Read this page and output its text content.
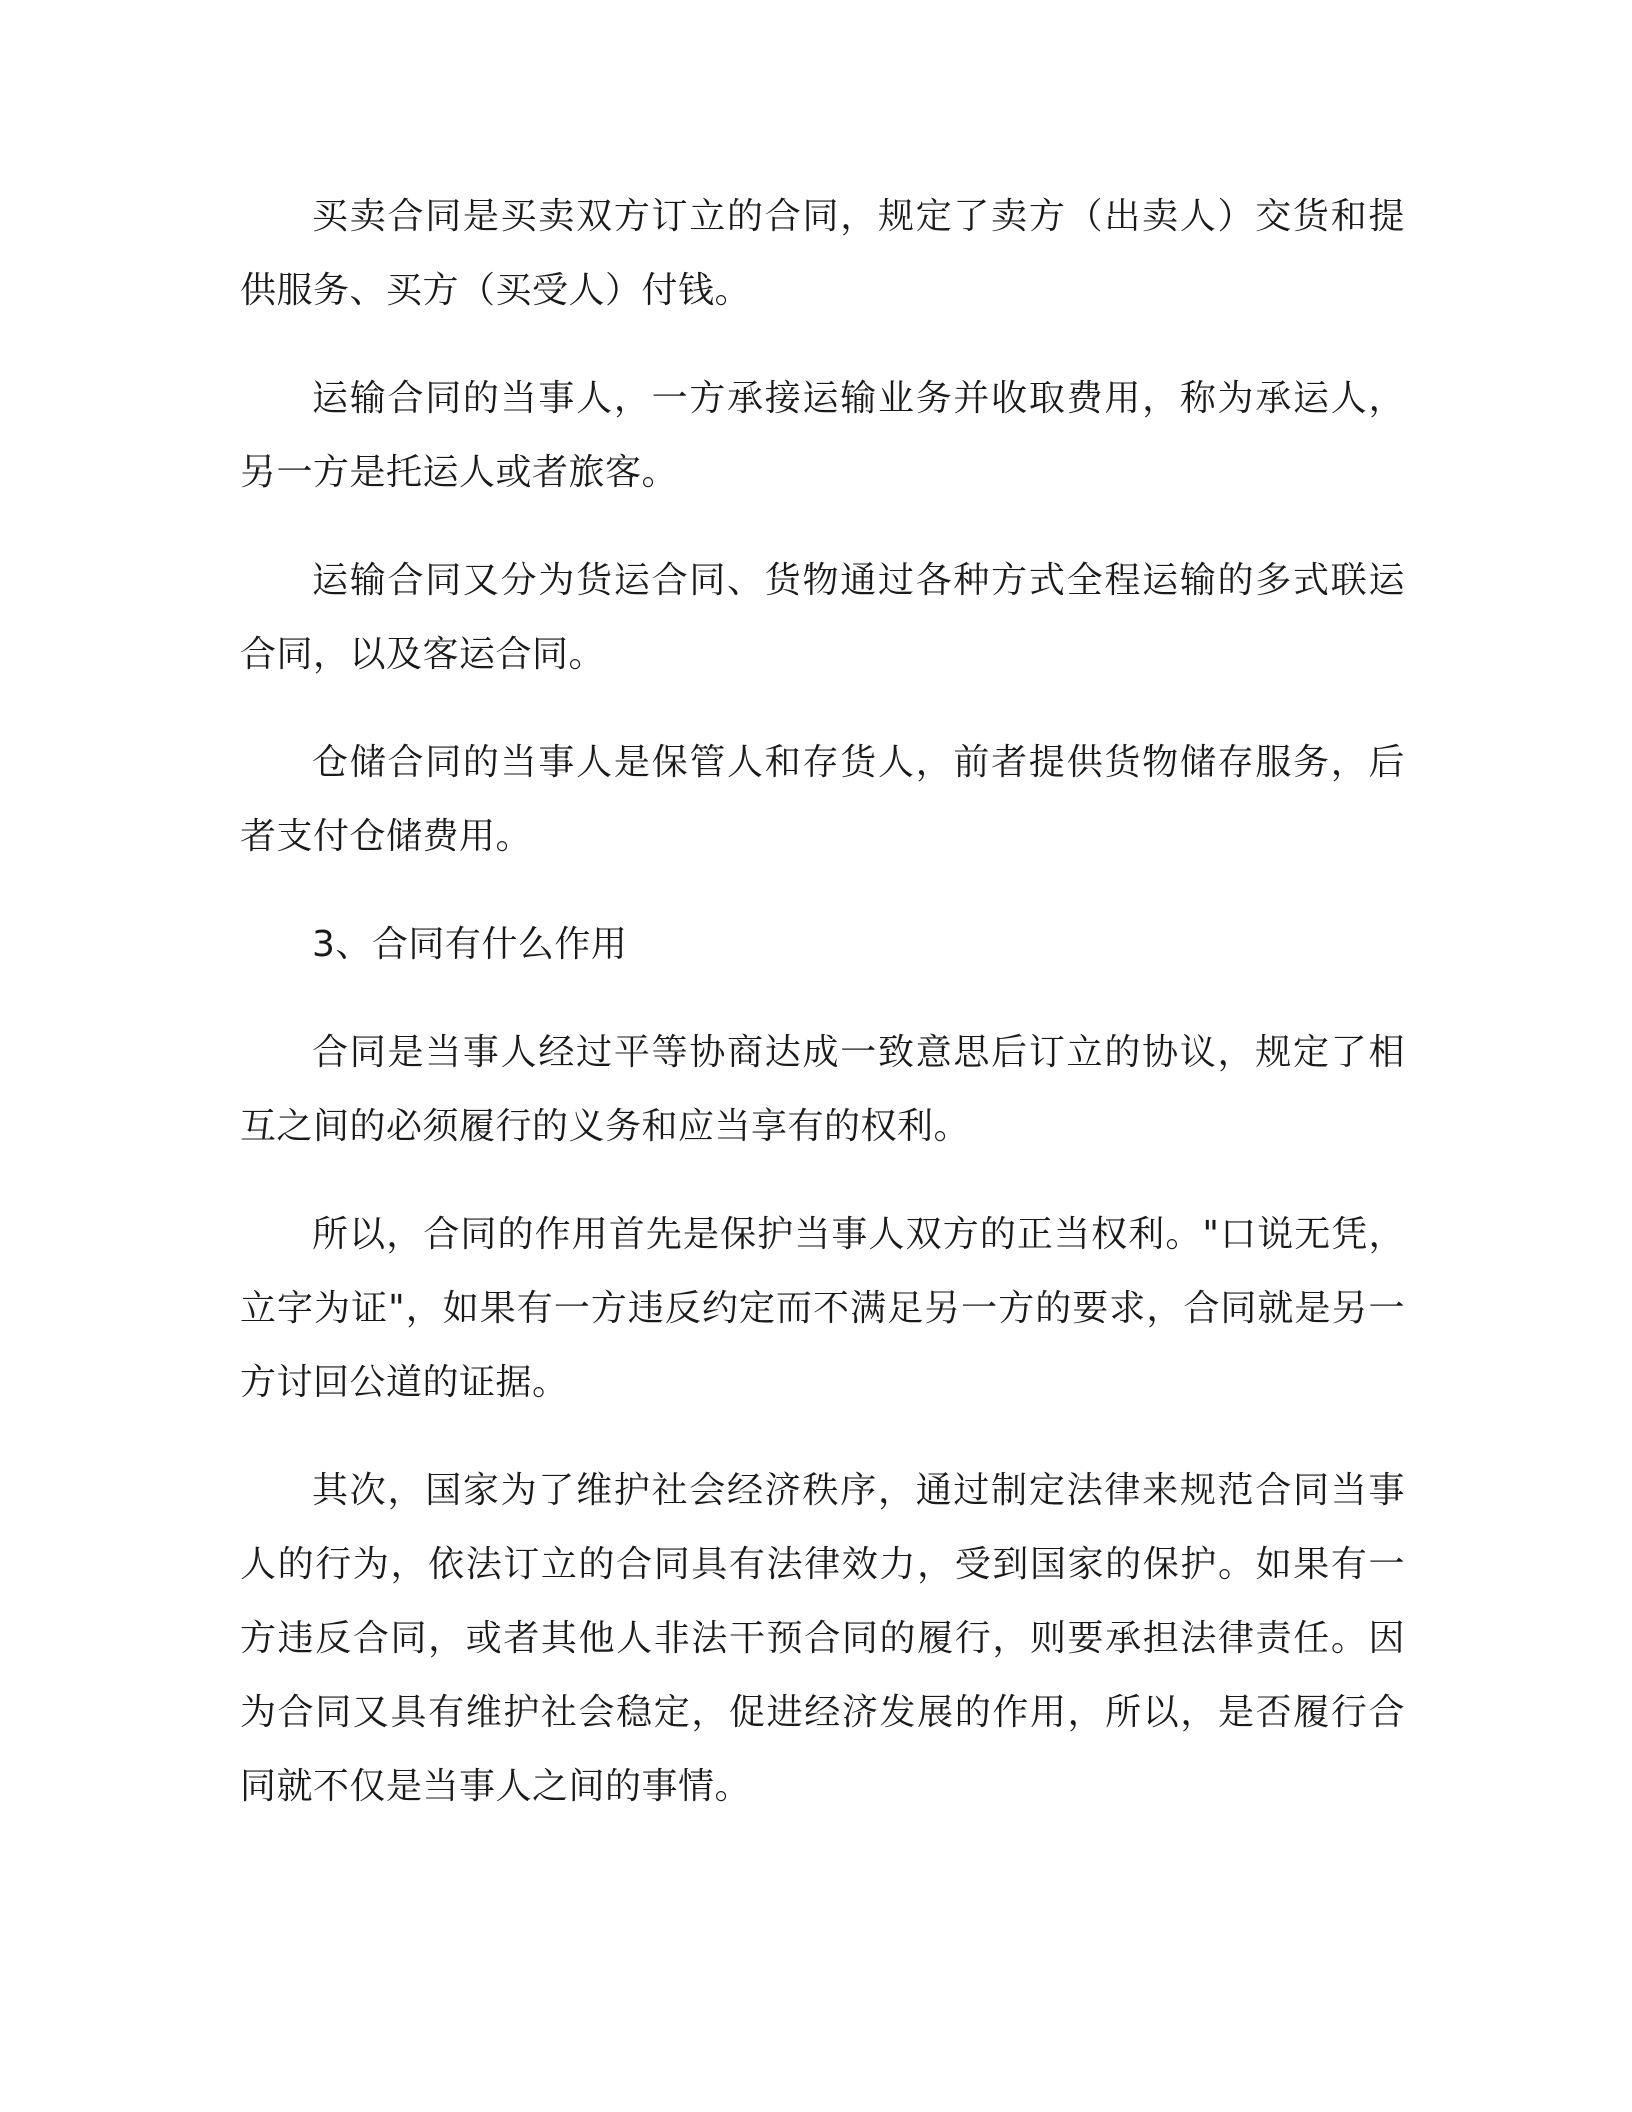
买卖合同是买卖双方订立的合同，规定了卖方（出卖人）交货和提供服务、买方（买受人）付钱。

运输合同的当事人，一方承接运输业务并收取费用，称为承运人，另一方是托运人或者旅客。

运输合同又分为货运合同、货物通过各种方式全程运输的多式联运合同，以及客运合同。

仓储合同的当事人是保管人和存货人，前者提供货物储存服务，后者支付仓储费用。

3、合同有什么作用

合同是当事人经过平等协商达成一致意思后订立的协议，规定了相互之间的必须履行的义务和应当享有的权利。

所以，合同的作用首先是保护当事人双方的正当权利。"口说无凭，立字为证"，如果有一方违反约定而不满足另一方的要求，合同就是另一方讨回公道的证据。

其次，国家为了维护社会经济秩序，通过制定法律来规范合同当事人的行为，依法订立的合同具有法律效力，受到国家的保护。如果有一方违反合同，或者其他人非法干预合同的履行，则要承担法律责任。因为合同又具有维护社会稳定，促进经济发展的作用，所以，是否履行合同就不仅是当事人之间的事情。
